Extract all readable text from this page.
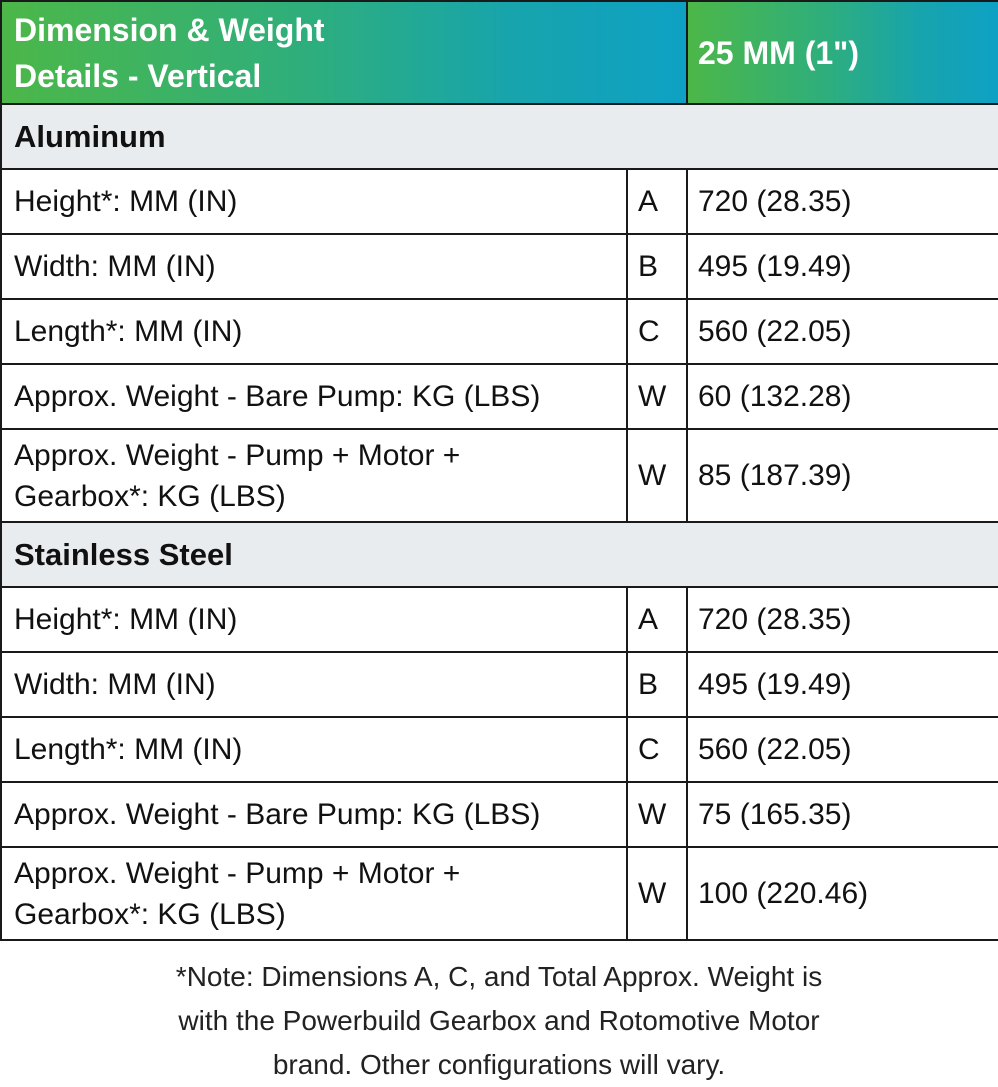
Dimension & Weight
Details - Vertical		25 MM (1")
Aluminum		
Height*: MM (IN)	A	720 (28.35)
Width: MM (IN)	B	495 (19.49)
Length*: MM (IN)	C	560 (22.05)
Approx. Weight - Bare Pump: KG (LBS)	W	60 (132.28)

Approx. Weight - Pump + Motor +
Gearbox*: KG (LBS)	W	85 (187.39)
Stainless Steel		
Height*: MM (IN)	A	720 (28.35)
Width: MM (IN)	B	495 (19.49)
Length*: MM (IN)	C	560 (22.05)
Approx. Weight - Bare Pump: KG (LBS)	W	75 (165.35)

Approx. Weight - Pump + Motor +
Gearbox*: KG (LBS)	W	100 (220.46)
*Note: Dimensions A, C, and Total Approx. Weight is
with the Powerbuild Gearbox and Rotomotive Motor
brand. Other configurations will vary.
